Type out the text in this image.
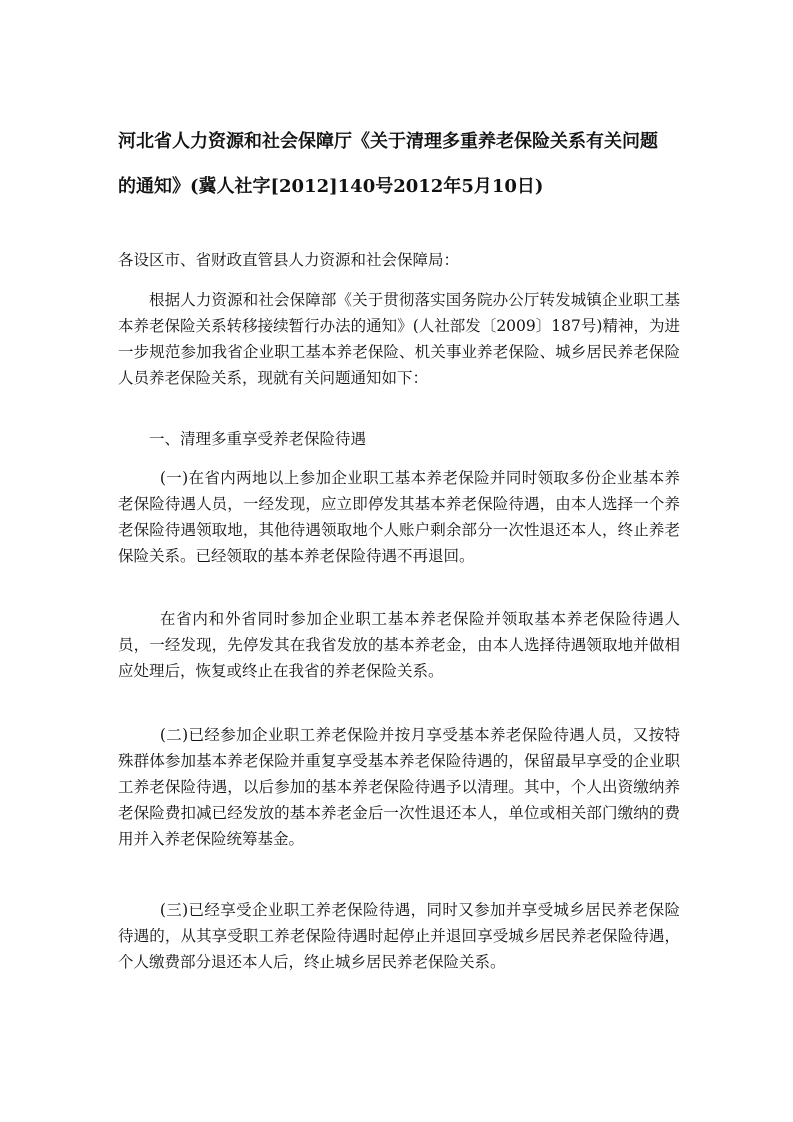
河北省人力资源和社会保障厅《关于清理多重养老保险关系有关问题
的通知》(冀人社字[2012]140号2012年5月10日)
各设区市、省财政直管县人力资源和社会保障局：
根据人力资源和社会保障部《关于贯彻落实国务院办公厅转发城镇企业职工基本养老保险关系转移接续暂行办法的通知》(人社部发〔2009〕187号)精神，为进一步规范参加我省企业职工基本养老保险、机关事业养老保险、城乡居民养老保险人员养老保险关系，现就有关问题通知如下：
一、清理多重享受养老保险待遇
(一)在省内两地以上参加企业职工基本养老保险并同时领取多份企业基本养老保险待遇人员，一经发现，应立即停发其基本养老保险待遇，由本人选择一个养老保险待遇领取地，其他待遇领取地个人账户剩余部分一次性退还本人，终止养老保险关系。已经领取的基本养老保险待遇不再退回。
在省内和外省同时参加企业职工基本养老保险并领取基本养老保险待遇人员，一经发现，先停发其在我省发放的基本养老金，由本人选择待遇领取地并做相应处理后，恢复或终止在我省的养老保险关系。
(二)已经参加企业职工养老保险并按月享受基本养老保险待遇人员，又按特殊群体参加基本养老保险并重复享受基本养老保险待遇的，保留最早享受的企业职工养老保险待遇，以后参加的基本养老保险待遇予以清理。其中，个人出资缴纳养老保险费扣减已经发放的基本养老金后一次性退还本人，单位或相关部门缴纳的费用并入养老保险统筹基金。
(三)已经享受企业职工养老保险待遇，同时又参加并享受城乡居民养老保险待遇的，从其享受职工养老保险待遇时起停止并退回享受城乡居民养老保险待遇，个人缴费部分退还本人后，终止城乡居民养老保险关系。
